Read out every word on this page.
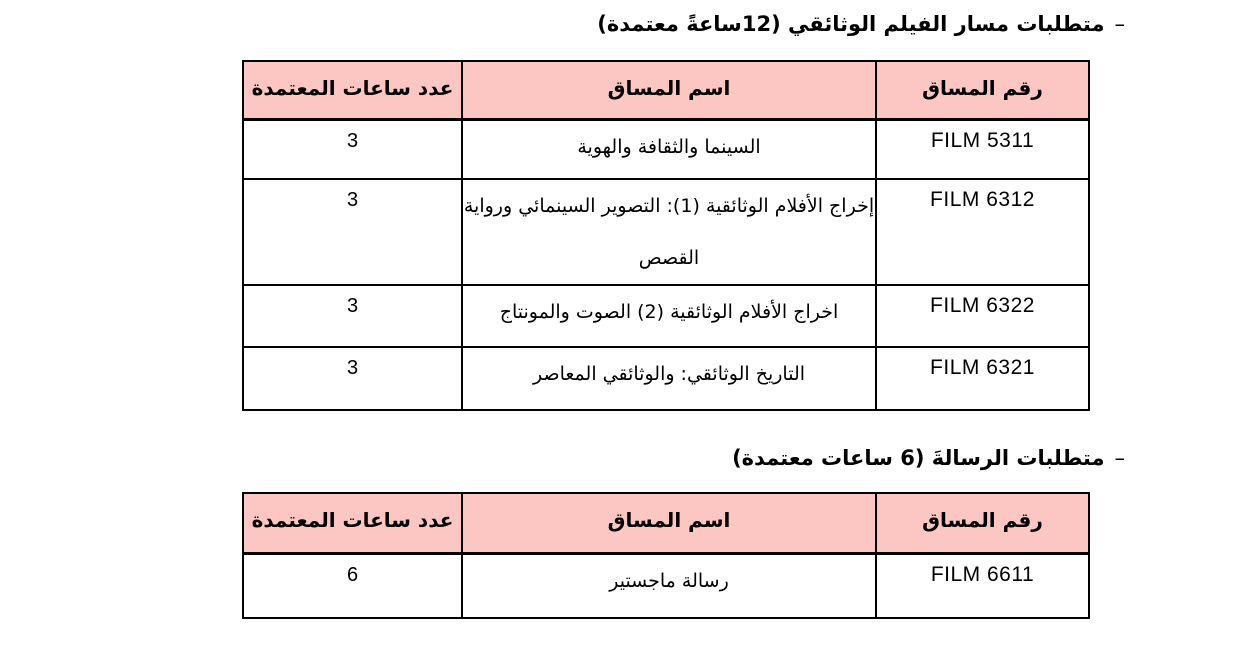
–
متطلبات مسار الفيلم الوثائقي (12ساعةً معتمدة)
رقم المساق	اسم المساق	عدد ساعات المعتمدة
FILM 5311	السينما والثقافة والهوية	3
FILM 6312	إخراج الأفلام الوثائقية (1): التصوير السينمائي ورواية القصص	3
FILM 6322	اخراج الأفلام الوثائقية (2) الصوت والمونتاج	3
FILM 6321	التاريخ الوثائقي: والوثائقي المعاصر	3
–
متطلبات الرسالةَ (6 ساعات معتمدة)
رقم المساق	اسم المساق	عدد ساعات المعتمدة
FILM 6611	رسالة ماجستير	6
